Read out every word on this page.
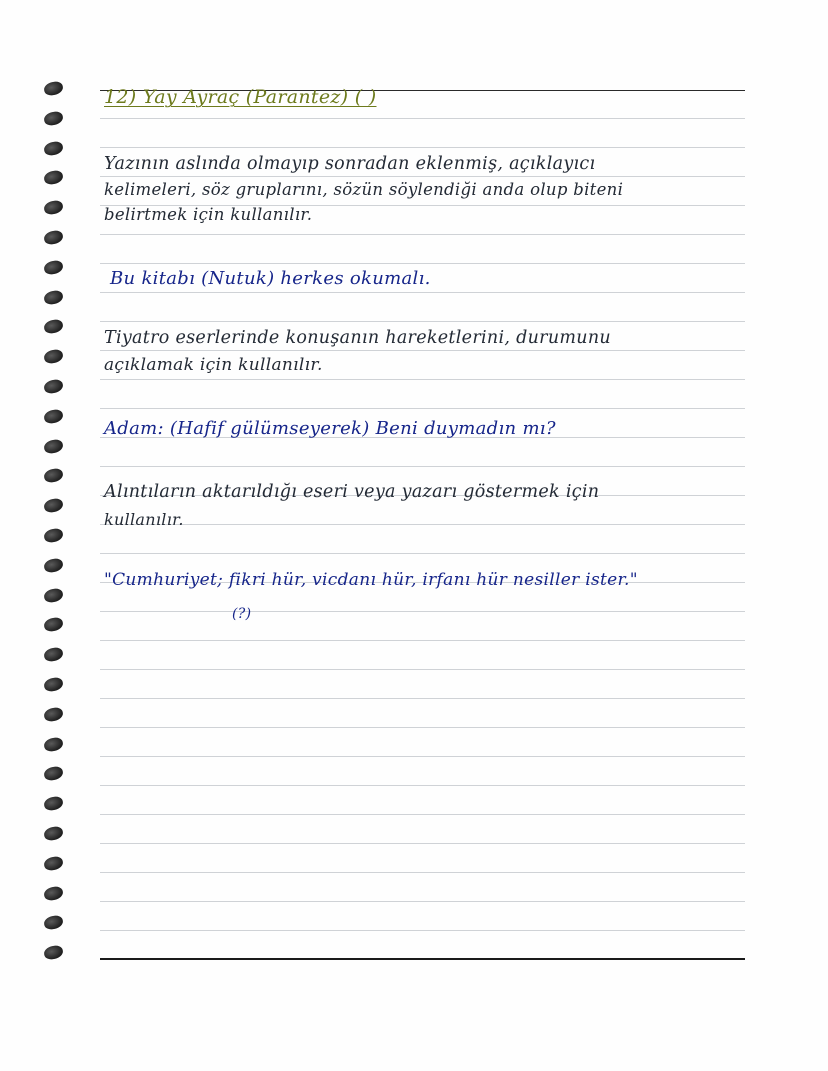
12) Yay Ayraç (Parantez) ( )
Yazının aslında olmayıp sonradan eklenmiş, açıklayıcı
kelimeleri, söz gruplarını, sözün söylendiği anda olup biteni
belirtmek için kullanılır.
Bu kitabı (Nutuk) herkes okumalı.
Tiyatro eserlerinde konuşanın hareketlerini, durumunu
açıklamak için kullanılır.
Adam: (Hafif gülümseyerek) Beni duymadın mı?
Alıntıların aktarıldığı eseri veya yazarı göstermek için
kullanılır.
"Cumhuriyet; fikri hür, vicdanı hür, irfanı hür nesiller ister."
(?)
